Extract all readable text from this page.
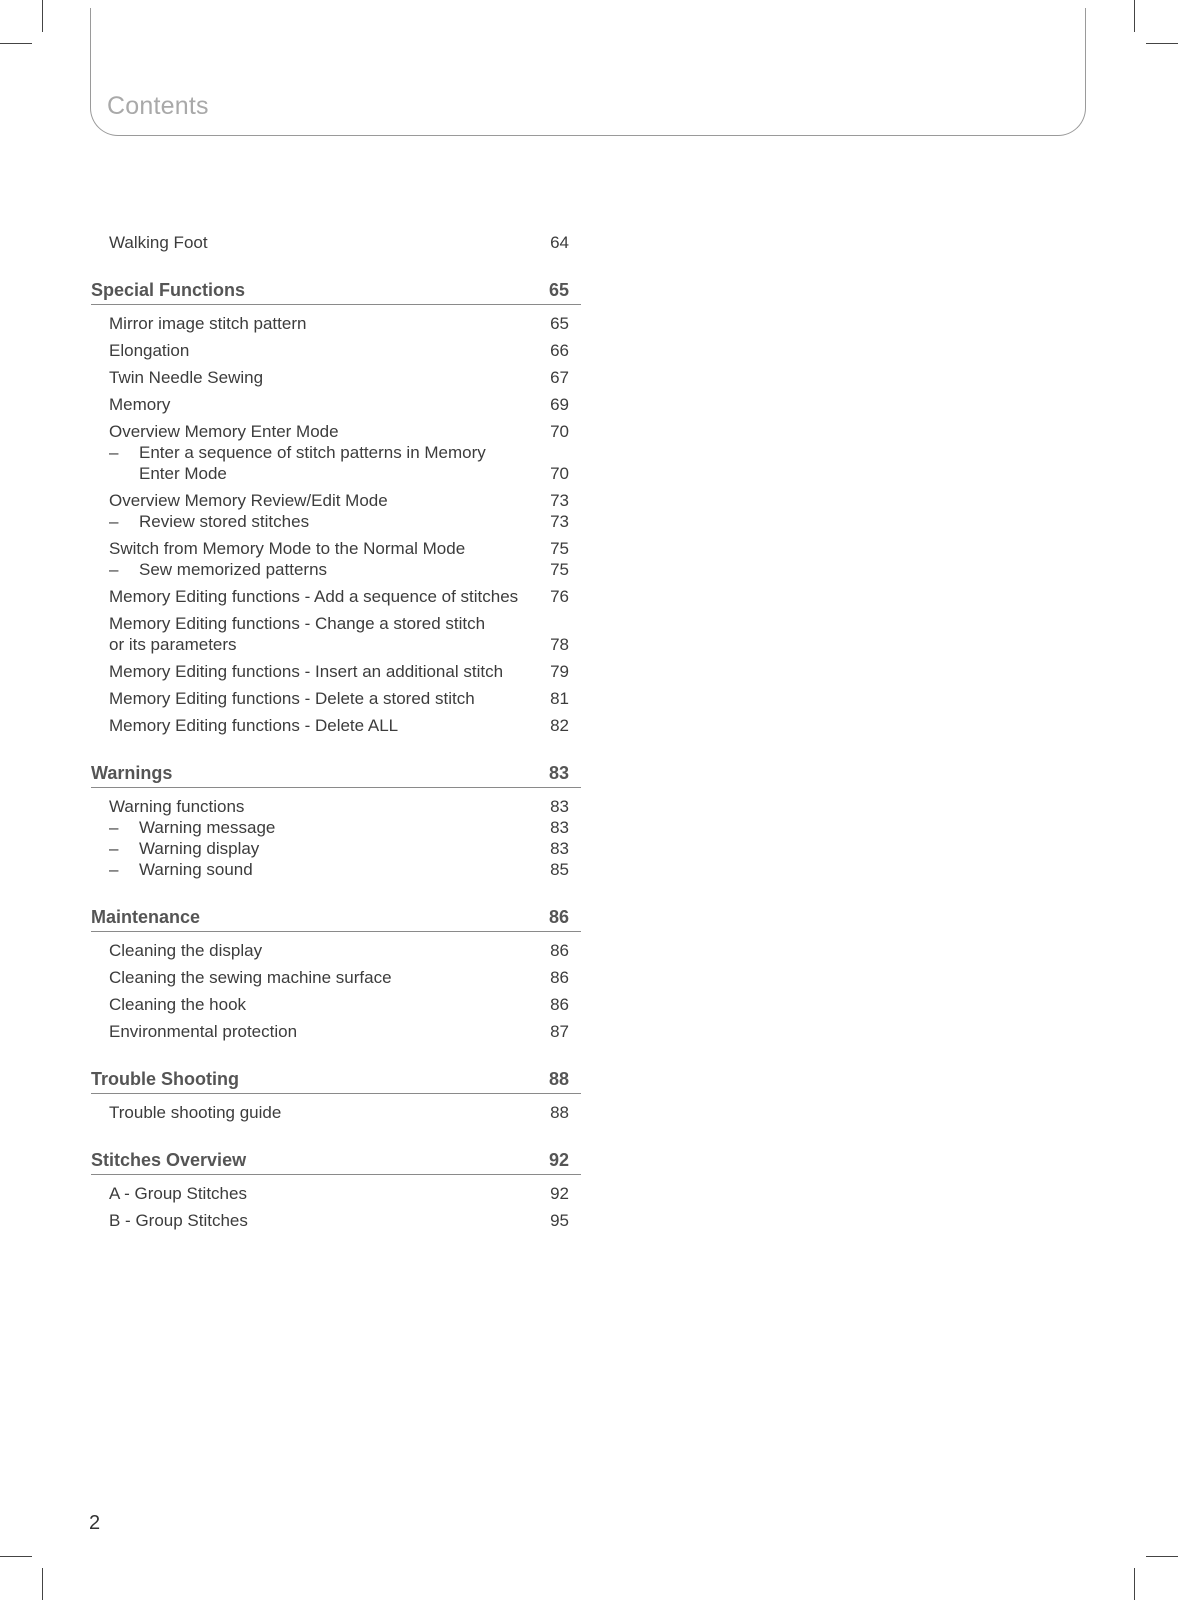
Contents
Walking Foot	64
Special Functions	65
Mirror image stitch pattern	65
Elongation	66
Twin Needle Sewing	67
Memory	69
Overview Memory Enter Mode	70
–	Enter a sequence of stitch patterns in Memory
Enter Mode	70
Overview Memory Review/Edit Mode	73
–	Review stored stitches	73
Switch from Memory Mode to the Normal Mode	75
–	Sew memorized patterns	75
Memory Editing functions - Add a sequence of stitches	76
Memory Editing functions - Change a stored stitch
or its parameters	78
Memory Editing functions - Insert an additional stitch	79
Memory Editing functions - Delete a stored stitch	81
Memory Editing functions - Delete ALL	82
Warnings	83
Warning functions	83
–	Warning message	83
–	Warning display	83
–	Warning sound	85
Maintenance	86
Cleaning the display	86
Cleaning the sewing machine surface	86
Cleaning the hook	86
Environmental protection	87
Trouble Shooting	88
Trouble shooting guide	88
Stitches Overview	92
A - Group Stitches	92
B - Group Stitches	95
2
